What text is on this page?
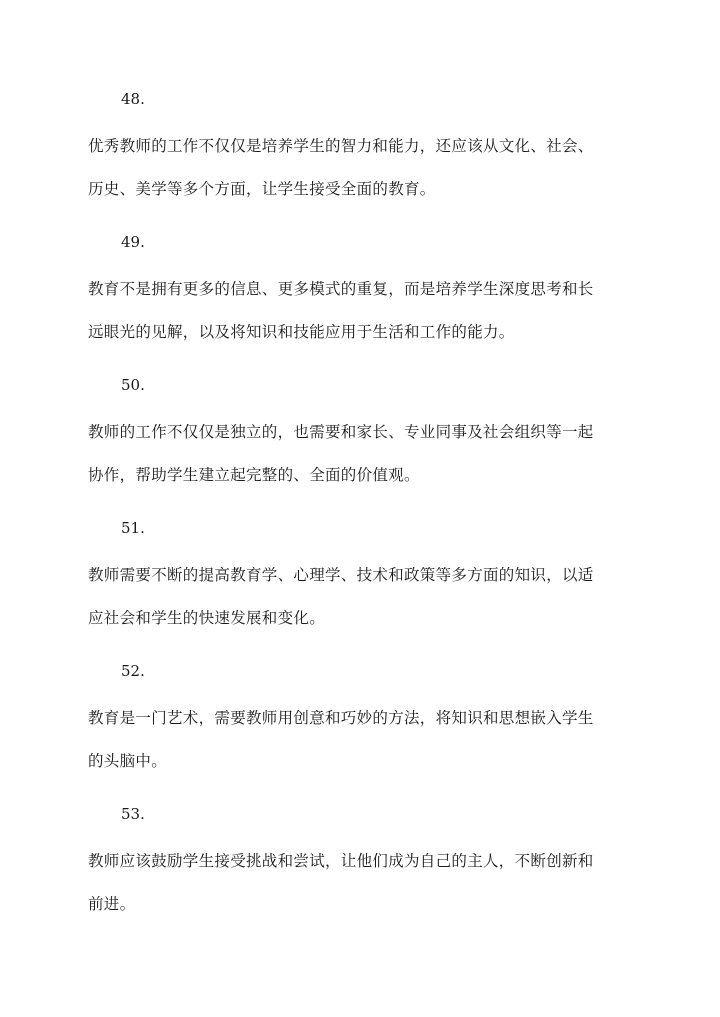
48.
优秀教师的工作不仅仅是培养学生的智力和能力，还应该从文化、社会、
历史、美学等多个方面，让学生接受全面的教育。
49.
教育不是拥有更多的信息、更多模式的重复，而是培养学生深度思考和长
远眼光的见解，以及将知识和技能应用于生活和工作的能力。
50.
教师的工作不仅仅是独立的，也需要和家长、专业同事及社会组织等一起
协作，帮助学生建立起完整的、全面的价值观。
51.
教师需要不断的提高教育学、心理学、技术和政策等多方面的知识，以适
应社会和学生的快速发展和变化。
52.
教育是一门艺术，需要教师用创意和巧妙的方法，将知识和思想嵌入学生
的头脑中。
53.
教师应该鼓励学生接受挑战和尝试，让他们成为自己的主人，不断创新和
前进。
